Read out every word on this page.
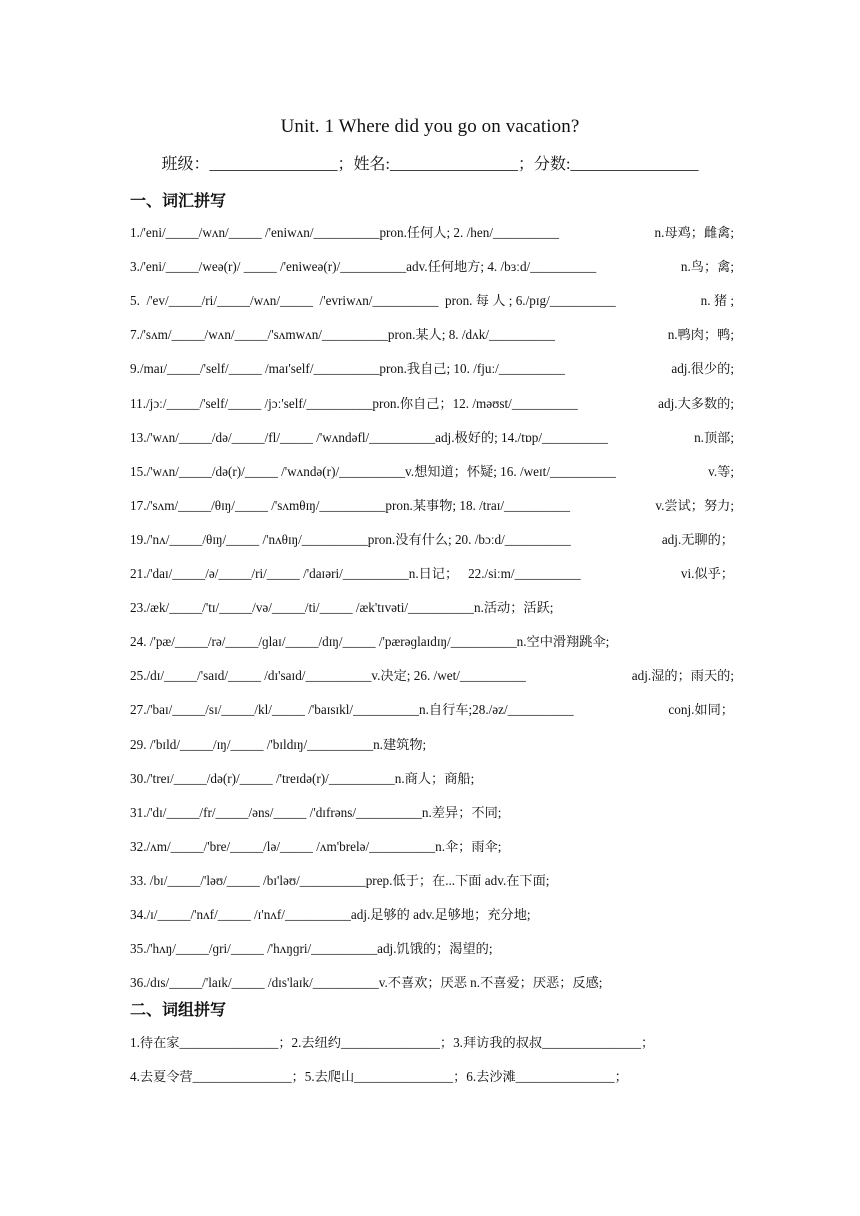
Unit. 1 Where did you go on vacation?
班级：________________；姓名:________________；分数:________________
一、词汇拼写
1./'eni/_____/wʌn/_____ /'eniwʌn/__________pron.任何人; 2. /hen/__________	n.母鸡；雌禽;
3./'eni/_____/weə(r)/ _____ /'eniweə(r)/__________adv.任何地方; 4. /bɜːd/__________	n.鸟；禽;
5.  /'ev/_____/ri/_____/wʌn/_____  /'evriwʌn/__________  pron. 每 人 ; 6./pɪg/__________	n. 猪 ;
7./'sʌm/_____/wʌn/_____/'sʌmwʌn/__________pron.某人; 8. /dʌk/__________	n.鸭肉；鸭;
9./maɪ/_____/'self/_____ /maɪ'self/__________pron.我自己; 10. /fjuː/__________	adj.很少的;
11./jɔː/_____/'self/_____ /jɔː'self/__________pron.你自己；12. /məʊst/__________	adj.大多数的;
13./'wʌn/_____/də/_____/fl/_____ /'wʌndəfl/__________adj.极好的; 14./tɒp/__________	n.顶部;
15./'wʌn/_____/də(r)/_____ /'wʌndə(r)/__________v.想知道；怀疑; 16. /weɪt/__________	v.等;
17./'sʌm/_____/θɪŋ/_____ /'sʌmθɪŋ/__________pron.某事物; 18. /traɪ/__________	v.尝试；努力;
19./'nʌ/_____/θɪŋ/_____ /'nʌθɪŋ/__________pron.没有什么; 20. /bɔːd/__________	adj.无聊的；
21./'daɪ/_____/ə/_____/ri/_____ /'daɪəri/__________n.日记；   22./siːm/__________	vi.似乎；
23./æk/_____/'tɪ/_____/və/_____/ti/_____ /æk'tɪvəti/__________n.活动；活跃;
24. /'pæ/_____/rə/_____/ɡlaɪ/_____/dɪŋ/_____ /'pærəɡlaɪdɪŋ/__________n.空中滑翔跳伞;
25./dɪ/_____/'saɪd/_____ /dɪ'saɪd/__________v.决定; 26. /wet/__________	adj.湿的；雨天的;
27./'baɪ/_____/sɪ/_____/kl/_____ /'baɪsɪkl/__________n.自行车;28./əz/__________	conj.如同；
29. /'bɪld/_____/ɪŋ/_____ /'bɪldɪŋ/__________n.建筑物;
30./'treɪ/_____/də(r)/_____ /'treɪdə(r)/__________n.商人；商船;
31./'dɪ/_____/fr/_____/əns/_____ /'dɪfrəns/__________n.差异；不同;
32./ʌm/_____/'bre/_____/lə/_____ /ʌm'brelə/__________n.伞；雨伞;
33. /bɪ/_____/'ləʊ/_____ /bɪ'ləʊ/__________prep.低于；在...下面 adv.在下面;
34./ɪ/_____/'nʌf/_____ /ɪ'nʌf/__________adj.足够的 adv.足够地；充分地;
35./'hʌŋ/_____/ɡri/_____ /'hʌŋɡri/__________adj.饥饿的；渴望的;
36./dɪs/_____/'laɪk/_____ /dɪs'laɪk/__________v.不喜欢；厌恶 n.不喜爱；厌恶；反感;
二、词组拼写
1.待在家_______________；2.去纽约_______________；3.拜访我的叔叔_______________；
4.去夏令营_______________；5.去爬山_______________；6.去沙滩_______________；
